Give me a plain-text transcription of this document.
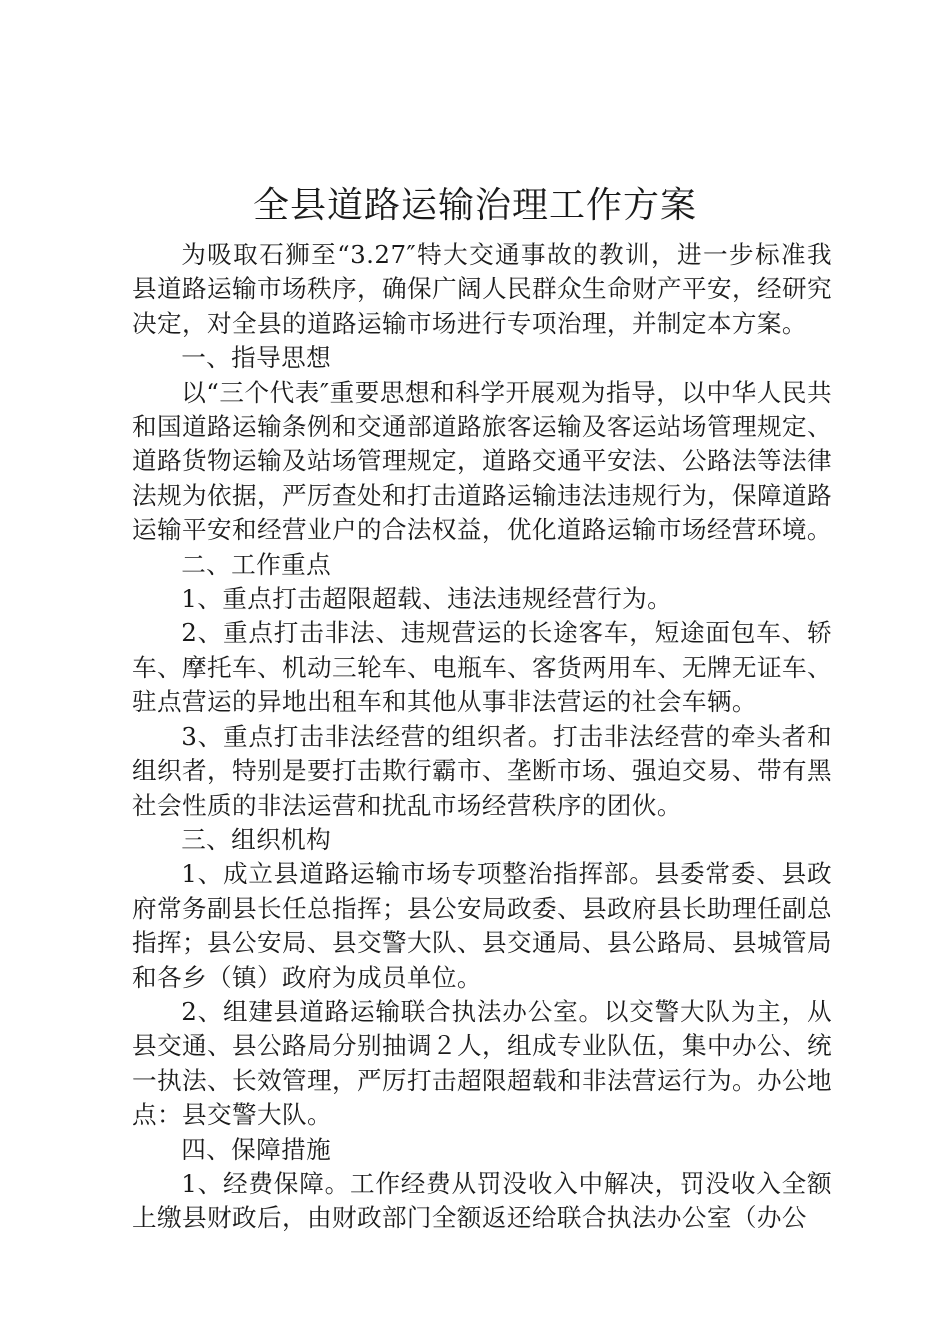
全县道路运输治理工作方案

为吸取石狮至“3.27″特大交通事故的教训，进一步标准我县道路运输市场秩序，确保广阔人民群众生命财产平安，经研究决定，对全县的道路运输市场进行专项治理，并制定本方案。

一、指导思想

以“三个代表″重要思想和科学开展观为指导，以中华人民共和国道路运输条例和交通部道路旅客运输及客运站场管理规定、道路货物运输及站场管理规定，道路交通平安法、公路法等法律法规为依据，严厉查处和打击道路运输违法违规行为，保障道路运输平安和经营业户的合法权益，优化道路运输市场经营环境。

二、工作重点

1、重点打击超限超载、违法违规经营行为。

2、重点打击非法、违规营运的长途客车，短途面包车、轿车、摩托车、机动三轮车、电瓶车、客货两用车、无牌无证车、驻点营运的异地出租车和其他从事非法营运的社会车辆。

3、重点打击非法经营的组织者。打击非法经营的牵头者和组织者，特别是要打击欺行霸市、垄断市场、强迫交易、带有黑社会性质的非法运营和扰乱市场经营秩序的团伙。

三、组织机构

1、成立县道路运输市场专项整治指挥部。县委常委、县政府常务副县长任总指挥；县公安局政委、县政府县长助理任副总指挥；县公安局、县交警大队、县交通局、县公路局、县城管局和各乡（镇）政府为成员单位。

2、组建县道路运输联合执法办公室。以交警大队为主，从县交通、县公路局分别抽调２人，组成专业队伍，集中办公、统一执法、长效管理，严厉打击超限超载和非法营运行为。办公地点：县交警大队。

四、保障措施

1、经费保障。工作经费从罚没收入中解决，罚没收入全额上缴县财政后，由财政部门全额返还给联合执法办公室（办公
